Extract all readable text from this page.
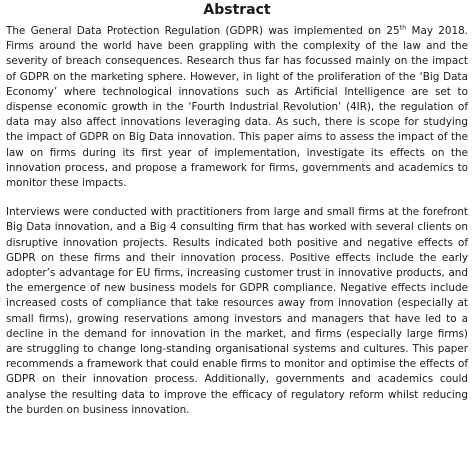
Abstract

The General Data Protection Regulation (GDPR) was implemented on 25th May 2018. Firms around the world have been grappling with the complexity of the law and the severity of breach consequences. Research thus far has focussed mainly on the impact of GDPR on the marketing sphere. However, in light of the proliferation of the ‘Big Data Economy’ where technological innovations such as Artificial Intelligence are set to dispense economic growth in the ‘Fourth Industrial Revolution’ (4IR), the regulation of data may also affect innovations leveraging data. As such, there is scope for studying the impact of GDPR on Big Data innovation. This paper aims to assess the impact of the law on firms during its first year of implementation, investigate its effects on the innovation process, and propose a framework for firms, governments and academics to monitor these impacts.

Interviews were conducted with practitioners from large and small firms at the forefront Big Data innovation, and a Big 4 consulting firm that has worked with several clients on disruptive innovation projects. Results indicated both positive and negative effects of GDPR on these firms and their innovation process. Positive effects include the early adopter’s advantage for EU firms, increasing customer trust in innovative products, and the emergence of new business models for GDPR compliance. Negative effects include increased costs of compliance that take resources away from innovation (especially at small firms), growing reservations among investors and managers that have led to a decline in the demand for innovation in the market, and firms (especially large firms) are struggling to change long-standing organisational systems and cultures. This paper recommends a framework that could enable firms to monitor and optimise the effects of GDPR on their innovation process. Additionally, governments and academics could analyse the resulting data to improve the efficacy of regulatory reform whilst reducing the burden on business innovation.
